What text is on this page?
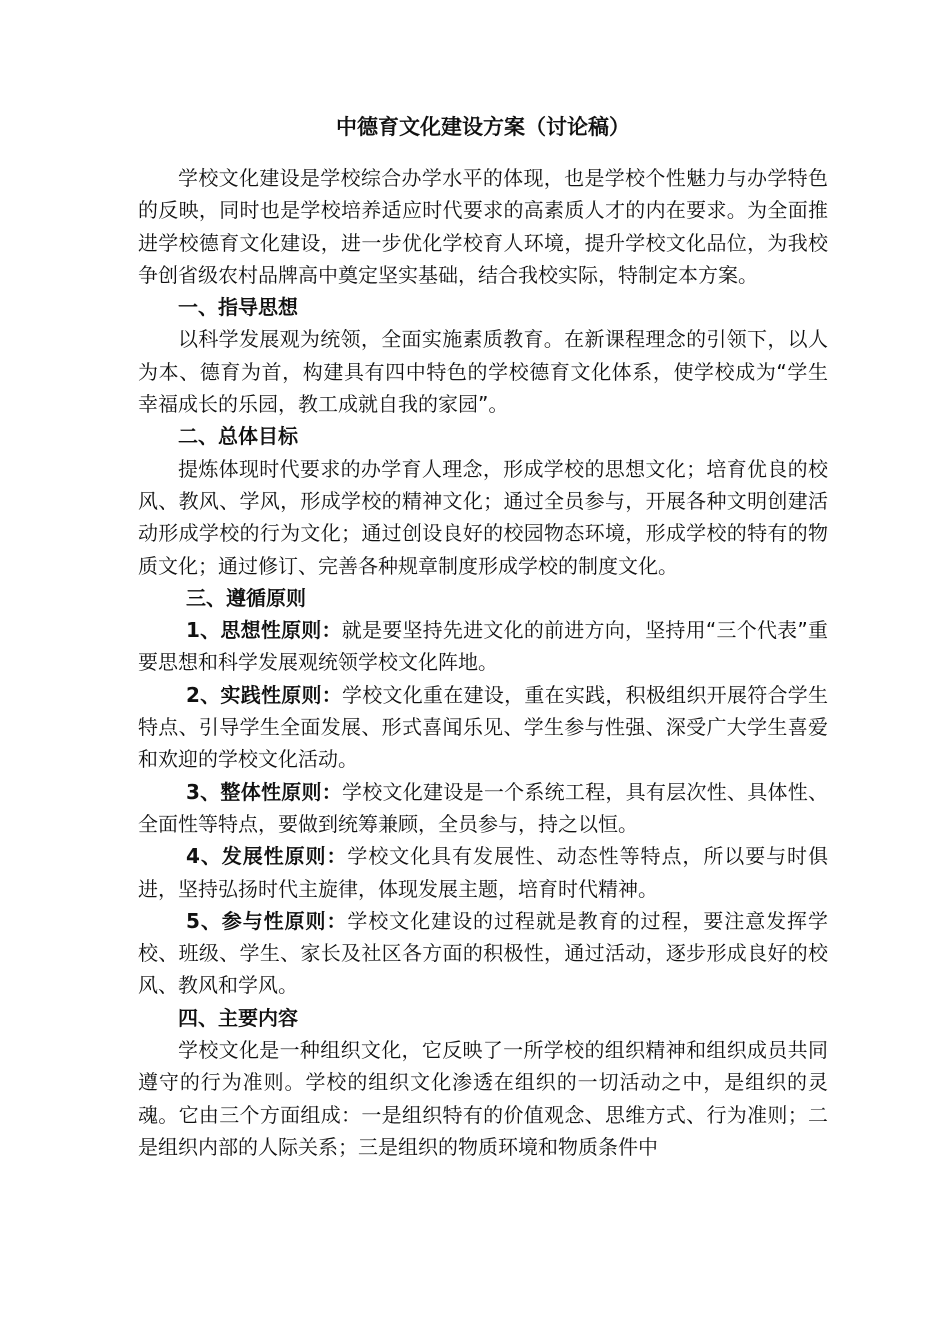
中德育文化建设方案（讨论稿）

学校文化建设是学校综合办学水平的体现，也是学校个性魅力与办学特色的反映，同时也是学校培养适应时代要求的高素质人才的内在要求。为全面推进学校德育文化建设，进一步优化学校育人环境，提升学校文化品位，为我校争创省级农村品牌高中奠定坚实基础，结合我校实际，特制定本方案。

一、指导思想

以科学发展观为统领，全面实施素质教育。在新课程理念的引领下，以人为本、德育为首，构建具有四中特色的学校德育文化体系，使学校成为“学生幸福成长的乐园，教工成就自我的家园”。

二、总体目标

提炼体现时代要求的办学育人理念，形成学校的思想文化；培育优良的校风、教风、学风，形成学校的精神文化；通过全员参与，开展各种文明创建活动形成学校的行为文化；通过创设良好的校园物态环境，形成学校的特有的物质文化；通过修订、完善各种规章制度形成学校的制度文化。

三、遵循原则

1、思想性原则：就是要坚持先进文化的前进方向，坚持用“三个代表”重要思想和科学发展观统领学校文化阵地。

2、实践性原则：学校文化重在建设，重在实践，积极组织开展符合学生特点、引导学生全面发展、形式喜闻乐见、学生参与性强、深受广大学生喜爱和欢迎的学校文化活动。

3、整体性原则：学校文化建设是一个系统工程，具有层次性、具体性、全面性等特点，要做到统筹兼顾，全员参与，持之以恒。

4、发展性原则：学校文化具有发展性、动态性等特点，所以要与时俱进，坚持弘扬时代主旋律，体现发展主题，培育时代精神。

5、参与性原则：学校文化建设的过程就是教育的过程，要注意发挥学校、班级、学生、家长及社区各方面的积极性，通过活动，逐步形成良好的校风、教风和学风。

四、主要内容

学校文化是一种组织文化，它反映了一所学校的组织精神和组织成员共同遵守的行为准则。学校的组织文化渗透在组织的一切活动之中，是组织的灵魂。它由三个方面组成：一是组织特有的价值观念、思维方式、行为准则；二是组织内部的人际关系；三是组织的物质环境和物质条件中
